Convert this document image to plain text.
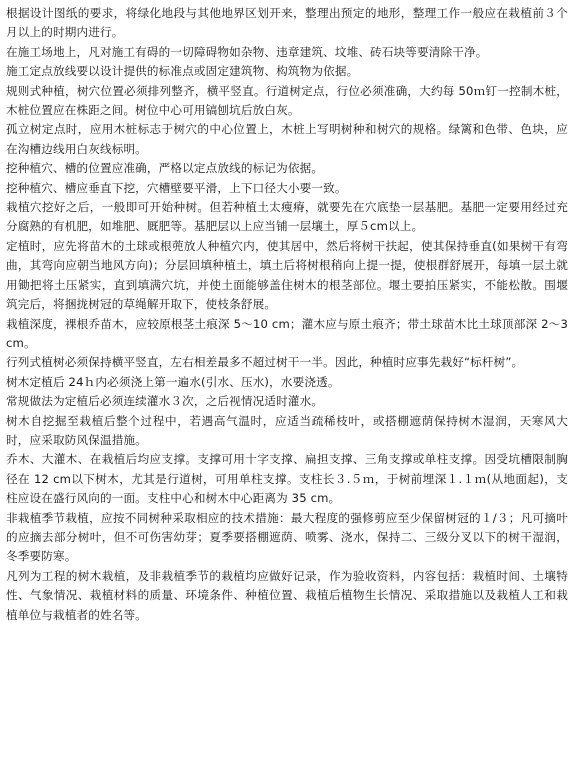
根据设计图纸的要求，将绿化地段与其他地界区划开来，整理出预定的地形，整理工作一般应在栽植前３个月以上的时期内进行。

在施工场地上，凡对施工有碍的一切障碍物如杂物、违章建筑、坟堆、砖石块等要清除干净。

施工定点放线要以设计提供的标准点或固定建筑物、构筑物为依据。

规则式种植，树穴位置必须排列整齐，横平竖直。行道树定点，行位必须准确，大约每 50ｍ钉一控制木桩，木桩位置应在株距之间。树位中心可用镐刨坑后放白灰。

孤立树定点时，应用木桩标志于树穴的中心位置上，木桩上写明树种和树穴的规格。绿篱和色带、色块，应在沟槽边线用白灰线标明。

挖种植穴、槽的位置应准确，严格以定点放线的标记为依据。

挖种植穴、槽应垂直下挖，穴槽壁要平滑，上下口径大小要一致。

栽植穴挖好之后，一般即可开始种树。但若种植土太瘦瘠，就要先在穴底垫一层基肥。基肥一定要用经过充分腐熟的有机肥，如堆肥、厩肥等。基肥层以上应当铺一层壤土，厚５cm以上。

定植时，应先将苗木的土球或根蔸放人种植穴内，使其居中，然后将树干扶起，使其保持垂直(如果树干有弯曲，其弯向应朝当地风方向)；分层回填种植土，填土后将树根稍向上提一提，使根群舒展开，每填一层土就用锄把将土压紧实，直到填满穴坑，并使土面能够盖住树木的根茎部位。堰土要拍压紧实，不能松散。围堰筑完后，将捆拢树冠的草绳解开取下，使枝条舒展。

栽植深度，裸根乔苗木，应较原根茎土痕深 5～10 cm；灌木应与原土痕齐；带土球苗木比土球顶部深 2～3 cm。

行列式植树必须保持横平竖直，左右相差最多不超过树干一半。因此，种植时应事先栽好“标杆树”。

树木定植后 24ｈ内必须浇上第一遍水(引水、压水)，水要浇透。

常规做法为定植后必须连续灌水３次，之后视情况适时灌水。

树木自挖掘至栽植后整个过程中，若遇高气温时，应适当疏稀枝叶，或搭棚遮荫保持树木湿润，天寒风大时，应采取防风保温措施。

乔木、大灌木、在栽植后均应支撑。支撑可用十字支撑、扁担支撑、三角支撑或单柱支撑。因受坑槽限制胸径在 12 cm以下树木，尤其是行道树，可用单柱支撑。支柱长３.５ｍ，于树前埋深１.１ｍ(从地面起)，支柱应设在盛行风向的一面。支柱中心和树木中心距离为 35 cm。

非栽植季节栽植，应按不同树种采取相应的技术措施：最大程度的强修剪应至少保留树冠的１/３；凡可摘叶的应摘去部分树叶，但不可伤害幼芽；夏季要搭棚遮荫、喷雾、浇水，保持二、三级分叉以下的树干湿润，冬季要防寒。

凡列为工程的树木栽植，及非栽植季节的栽植均应做好记录，作为验收资料，内容包括：栽植时间、土壤特性、气象情况、栽植材料的质量、环境条件、种植位置、栽植后植物生长情况、采取措施以及栽植人工和栽植单位与栽植者的姓名等。
